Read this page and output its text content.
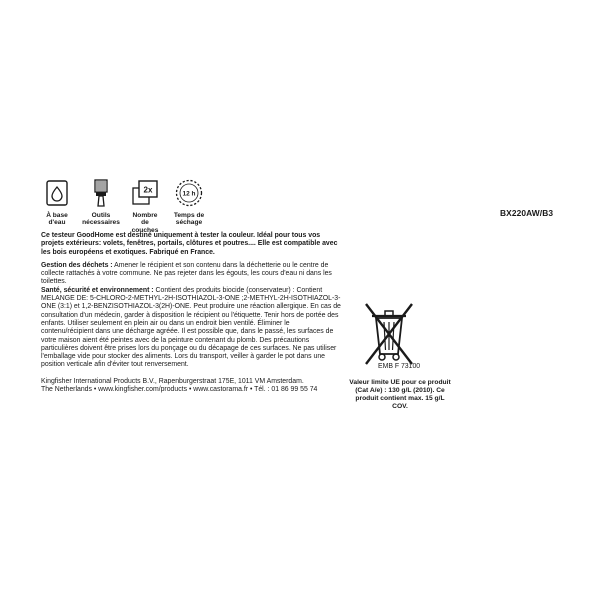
À base d'eau
Outils
nécessaires
2x
Nombre de
couches
12 h
Temps de
séchage
BX220AW/B3

Ce testeur GoodHome est destiné uniquement à tester la couleur. Idéal pour tous vos projets extérieurs: volets, fenêtres, portails, clôtures et poutres.... Elle est compatible avec les bois européens et exotiques. Fabriqué en France.

Gestion des déchets : Amener le récipient et son contenu dans la déchetterie ou le centre de collecte rattachés à votre commune. Ne pas rejeter dans les égouts, les cours d'eau ni dans les toilettes.

Santé, sécurité et environnement : Contient des produits biocide (conservateur) : Contient MELANGE DE: 5-CHLORO-2-METHYL-2H-ISOTHIAZOL-3-ONE ;2-METHYL-2H-ISOTHIAZOL-3-ONE (3:1) et 1,2-BENZISOTHIAZOL-3(2H)-ONE. Peut produire une réaction allergique. En cas de consultation d'un médecin, garder à disposition le récipient ou l'étiquette. Tenir hors de portée des enfants. Utiliser seulement en plein air ou dans un endroit bien ventilé. Éliminer le contenu/récipient dans une décharge agréée. Il est possible que, dans le passé, les surfaces de votre maison aient été peintes avec de la peinture contenant du plomb. Des précautions particulières doivent être prises lors du ponçage ou du décapage de ces surfaces. Ne pas utiliser l'emballage vide pour stocker des aliments. Lors du transport, veiller à garder le pot dans une position verticale afin d'éviter tout renversement.

Kingfisher International Products B.V., Rapenburgerstraat 175E, 1011 VM Amsterdam.
The Netherlands • www.kingfisher.com/products • www.castorama.fr • Tél. : 01 86 99 55 74
EMB F 73100
Valeur limite UE pour ce produit (Cat A/e) : 130 g/L (2010). Ce produit contient max. 15 g/L COV.
